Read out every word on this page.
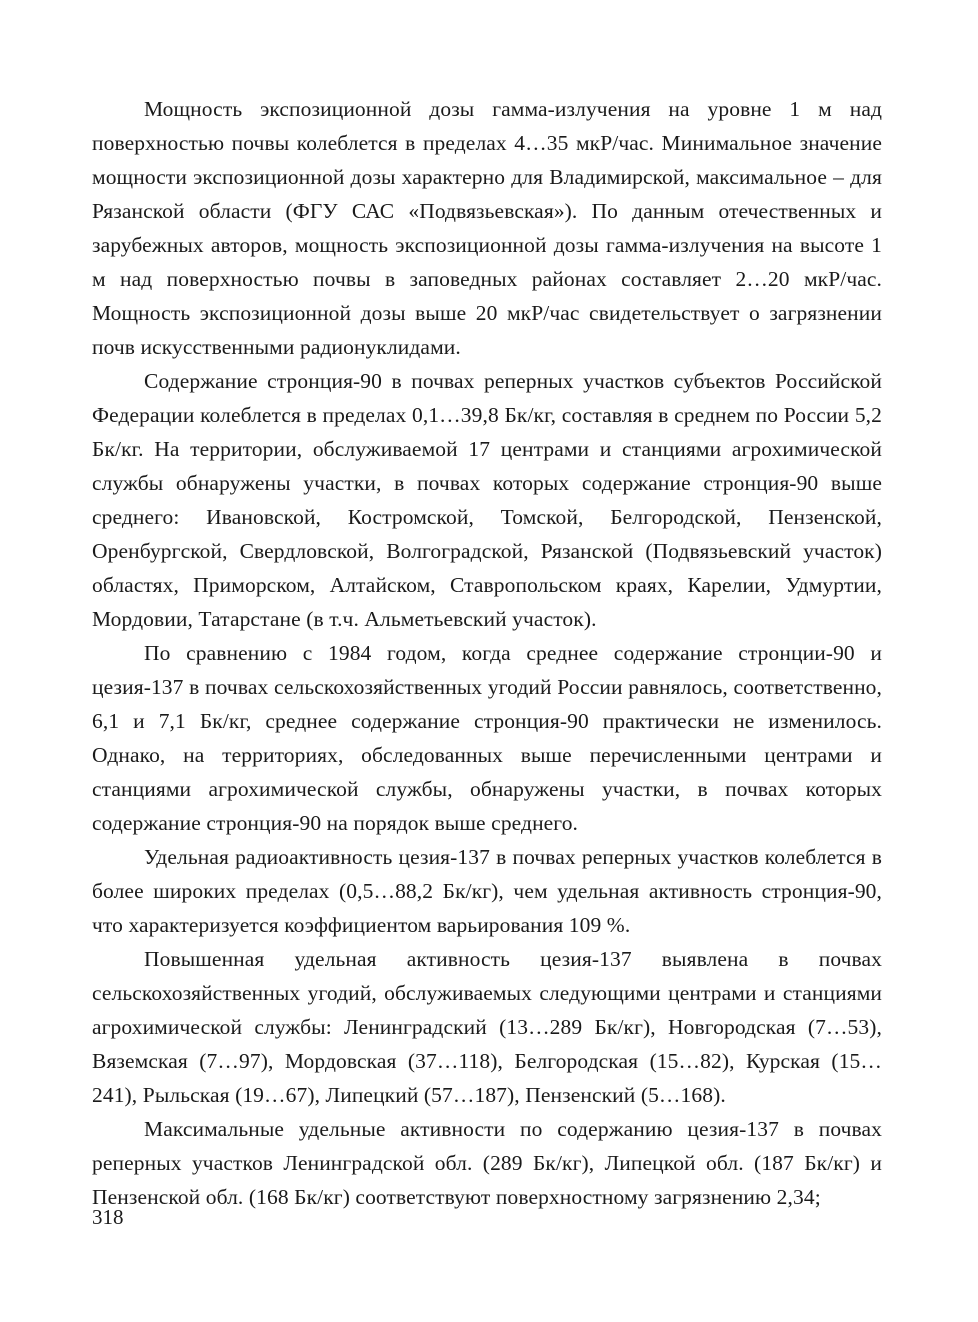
Мощность экспозиционной дозы гамма-излучения на уровне 1 м над поверхностью почвы колеблется в пределах 4…35 мкР/час. Минимальное значение мощности экспозиционной дозы характерно для Владимирской, максимальное – для Рязанской области (ФГУ САС «Подвязьевская»). По данным отечественных и зарубежных авторов, мощность экспозиционной дозы гамма-излучения на высоте 1 м над поверхностью почвы в заповедных районах составляет 2…20 мкР/час. Мощность экспозиционной дозы выше 20 мкР/час свидетельствует о загрязнении почв искусственными радионуклидами.

Содержание стронция-90 в почвах реперных участков субъектов Российской Федерации колеблется в пределах 0,1…39,8 Бк/кг, составляя в среднем по России 5,2 Бк/кг. На территории, обслуживаемой 17 центрами и станциями агрохимической службы обнаружены участки, в почвах которых содержание стронция-90 выше среднего: Ивановской, Костромской, Томской, Белгородской, Пензенской, Оренбургской, Свердловской, Волгоградской, Рязанской (Подвязьевский участок) областях, Приморском, Алтайском, Ставропольском краях, Карелии, Удмуртии, Мордовии, Татарстане (в т.ч. Альметьевский участок).

По сравнению с 1984 годом, когда среднее содержание стронции-90 и цезия-137 в почвах сельскохозяйственных угодий России равнялось, соответственно, 6,1 и 7,1 Бк/кг, среднее содержание стронция-90 практически не изменилось. Однако, на территориях, обследованных выше перечисленными центрами и станциями агрохимической службы, обнаружены участки, в почвах которых содержание стронция-90 на порядок выше среднего.

Удельная радиоактивность цезия-137 в почвах реперных участков колеблется в более широких пределах (0,5…88,2 Бк/кг), чем удельная активность стронция-90, что характеризуется коэффициентом варьирования 109 %.

Повышенная удельная активность цезия-137 выявлена в почвах сельскохозяйственных угодий, обслуживаемых следующими центрами и станциями агрохимической службы: Ленинградский (13…289 Бк/кг), Новгородская (7…53), Вяземская (7…97), Мордовская (37…118), Белгородская (15…82), Курская (15…241), Рыльская (19…67), Липецкий (57…187), Пензенский (5…168).

Максимальные удельные активности по содержанию цезия-137 в почвах реперных участков Ленинградской обл. (289 Бк/кг), Липецкой обл. (187 Бк/кг) и Пензенской обл. (168 Бк/кг) соответствуют поверхностному загрязнению 2,34;

318
